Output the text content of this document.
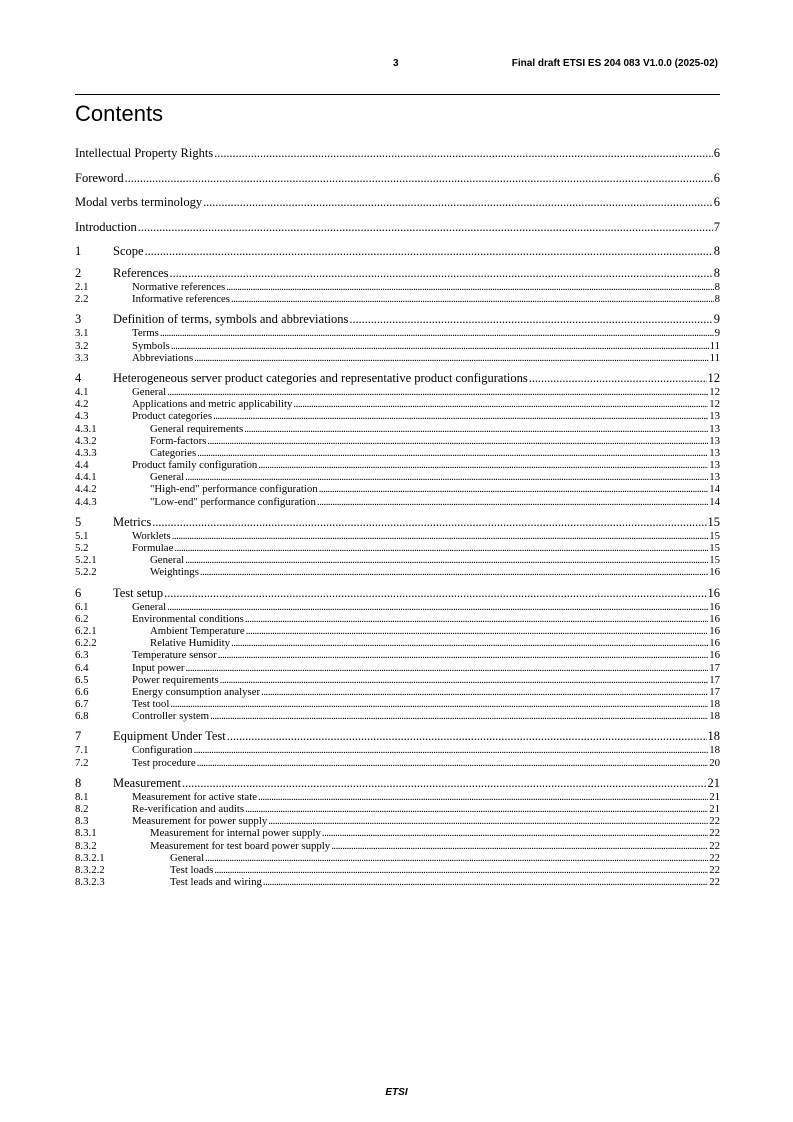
3	Final draft ETSI ES 204 083 V1.0.0 (2025-02)
Contents
Intellectual Property Rights . . .	6
Foreword . . .	6
Modal verbs terminology . . .	6
Introduction . . .	7
1	Scope . . .	8
2	References . . .	8
2.1	Normative references . . .	8
2.2	Informative references . . .	8
3	Definition of terms, symbols and abbreviations . . .	9
3.1	Terms . . .	9
3.2	Symbols . . .	11
3.3	Abbreviations . . .	11
4	Heterogeneous server product categories and representative product configurations . . .	12
4.1	General . . .	12
4.2	Applications and metric applicability . . .	12
4.3	Product categories . . .	13
4.3.1	General requirements . . .	13
4.3.2	Form-factors . . .	13
4.3.3	Categories . . .	13
4.4	Product family configuration . . .	13
4.4.1	General . . .	13
4.4.2	"High-end" performance configuration . . .	14
4.4.3	"Low-end" performance configuration . . .	14
5	Metrics . . .	15
5.1	Worklets . . .	15
5.2	Formulae . . .	15
5.2.1	General . . .	15
5.2.2	Weightings . . .	16
6	Test setup . . .	16
6.1	General . . .	16
6.2	Environmental conditions . . .	16
6.2.1	Ambient Temperature . . .	16
6.2.2	Relative Humidity . . .	16
6.3	Temperature sensor . . .	16
6.4	Input power . . .	17
6.5	Power requirements . . .	17
6.6	Energy consumption analyser . . .	17
6.7	Test tool . . .	18
6.8	Controller system . . .	18
7	Equipment Under Test . . .	18
7.1	Configuration . . .	18
7.2	Test procedure . . .	20
8	Measurement . . .	21
8.1	Measurement for active state . . .	21
8.2	Re-verification and audits . . .	21
8.3	Measurement for power supply . . .	22
8.3.1	Measurement for internal power supply . . .	22
8.3.2	Measurement for test board power supply . . .	22
8.3.2.1	General . . .	22
8.3.2.2	Test loads . . .	22
8.3.2.3	Test leads and wiring . . .	22
ETSI
